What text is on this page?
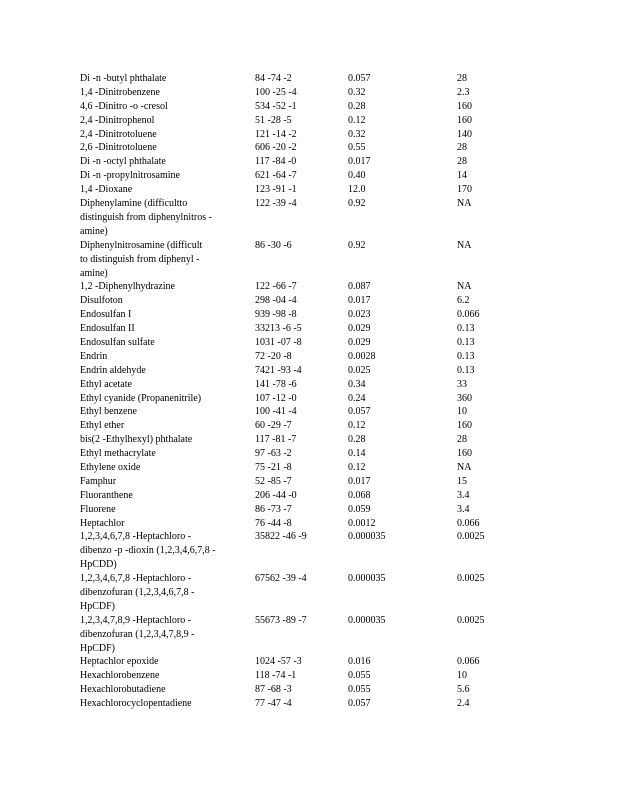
Di -n -butyl phthalate	84 -74 -2	0.057	28
1,4 -Dinitrobenzene	100 -25 -4	0.32	2.3
4,6 -Dinitro -o -cresol	534 -52 -1	0.28	160
2,4 -Dinitrophenol	51 -28 -5	0.12	160
2,4 -Dinitrotoluene	121 -14 -2	0.32	140
2,6 -Dinitrotoluene	606 -20 -2	0.55	28
Di -n -octyl phthalate	117 -84 -0	0.017	28
Di -n -propylnitrosamine	621 -64 -7	0.40	14
1,4 -Dioxane	123 -91 -1	12.0	170
Diphenylamine (difficultto
distinguish from diphenylnitros -
amine)
122 -39 -4	0.92	NA
Diphenylnitrosamine (difficult
to distinguish from diphenyl -
amine)
86 -30 -6	0.92	NA
1,2 -Diphenylhydrazine	122 -66 -7	0.087	NA
Disulfoton	298 -04 -4	0.017	6.2
Endosulfan I	939 -98 -8	0.023	0.066
Endosulfan II	33213 -6 -5	0.029	0.13
Endosulfan sulfate	1031 -07 -8	0.029	0.13
Endrin	72 -20 -8	0.0028	0.13
Endrin aldehyde	7421 -93 -4	0.025	0.13
Ethyl acetate	141 -78 -6	0.34	33
Ethyl cyanide (Propanenitrile)	107 -12 -0	0.24	360
Ethyl benzene	100 -41 -4	0.057	10
Ethyl ether	60 -29 -7	0.12	160
bis(2 -Ethylhexyl) phthalate	117 -81 -7	0.28	28
Ethyl methacrylate	97 -63 -2	0.14	160
Ethylene oxide	75 -21 -8	0.12	NA
Famphur	52 -85 -7	0.017	15
Fluoranthene	206 -44 -0	0.068	3.4
Fluorene	86 -73 -7	0.059	3.4
Heptachlor	76 -44 -8	0.0012	0.066
1,2,3,4,6,7,8 -Heptachloro -
dibenzo -p -dioxin (1,2,3,4,6,7,8 -
HpCDD)
35822 -46 -9	0.000035	0.0025
1,2,3,4,6,7,8 -Heptachloro -
dibenzofuran (1,2,3,4,6,7,8 -
HpCDF)
67562 -39 -4	0.000035	0.0025
1,2,3,4,7,8,9 -Heptachloro -
dibenzofuran (1,2,3,4,7,8,9 -
HpCDF)
55673 -89 -7	0.000035	0.0025
Heptachlor epoxide	1024 -57 -3	0.016	0.066
Hexachlorobenzene	118 -74 -1	0.055	10
Hexachlorobutadiene	87 -68 -3	0.055	5.6
Hexachlorocyclopentadiene	77 -47 -4	0.057	2.4
